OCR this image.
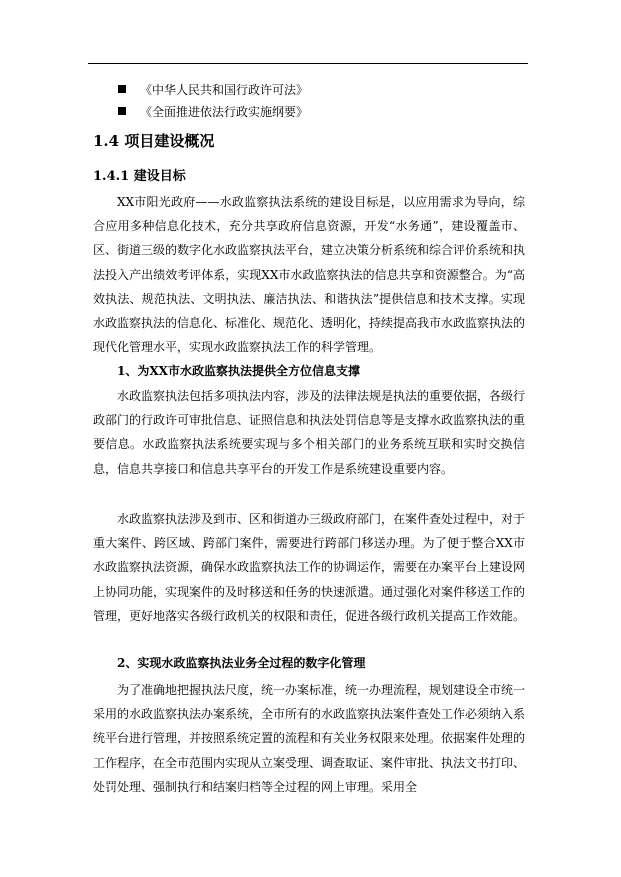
《中华人民共和国行政许可法》
《全面推进依法行政实施纲要》
1.4 项目建设概况
1.4.1 建设目标
XX市阳光政府——水政监察执法系统的建设目标是，以应用需求为导向，综合应用多种信息化技术，充分共享政府信息资源，开发“水务通”，建设覆盖市、区、街道三级的数字化水政监察执法平台，建立决策分析系统和综合评价系统和执法投入产出绩效考评体系，实现XX市水政监察执法的信息共享和资源整合。为“高效执法、规范执法、文明执法、廉洁执法、和谐执法”提供信息和技术支撑。实现水政监察执法的信息化、标准化、规范化、透明化，持续提高我市水政监察执法的现代化管理水平，实现水政监察执法工作的科学管理。
1、为XX市水政监察执法提供全方位信息支撑
水政监察执法包括多项执法内容，涉及的法律法规是执法的重要依据，各级行政部门的行政许可审批信息、证照信息和执法处罚信息等是支撑水政监察执法的重要信息。水政监察执法系统要实现与多个相关部门的业务系统互联和实时交换信息，信息共享接口和信息共享平台的开发工作是系统建设重要内容。
水政监察执法涉及到市、区和街道办三级政府部门，在案件查处过程中，对于重大案件、跨区域、跨部门案件，需要进行跨部门移送办理。为了便于整合XX市水政监察执法资源，确保水政监察执法工作的协调运作，需要在办案平台上建设网上协同功能，实现案件的及时移送和任务的快速派遣。通过强化对案件移送工作的管理，更好地落实各级行政机关的权限和责任，促进各级行政机关提高工作效能。
2、实现水政监察执法业务全过程的数字化管理
为了准确地把握执法尺度，统一办案标准，统一办理流程，规划建设全市统一采用的水政监察执法办案系统，全市所有的水政监察执法案件查处工作必须纳入系统平台进行管理，并按照系统定置的流程和有关业务权限来处理。依据案件处理的工作程序，在全市范围内实现从立案受理、调查取证、案件审批、执法文书打印、处罚处理、强制执行和结案归档等全过程的网上审理。采用全
